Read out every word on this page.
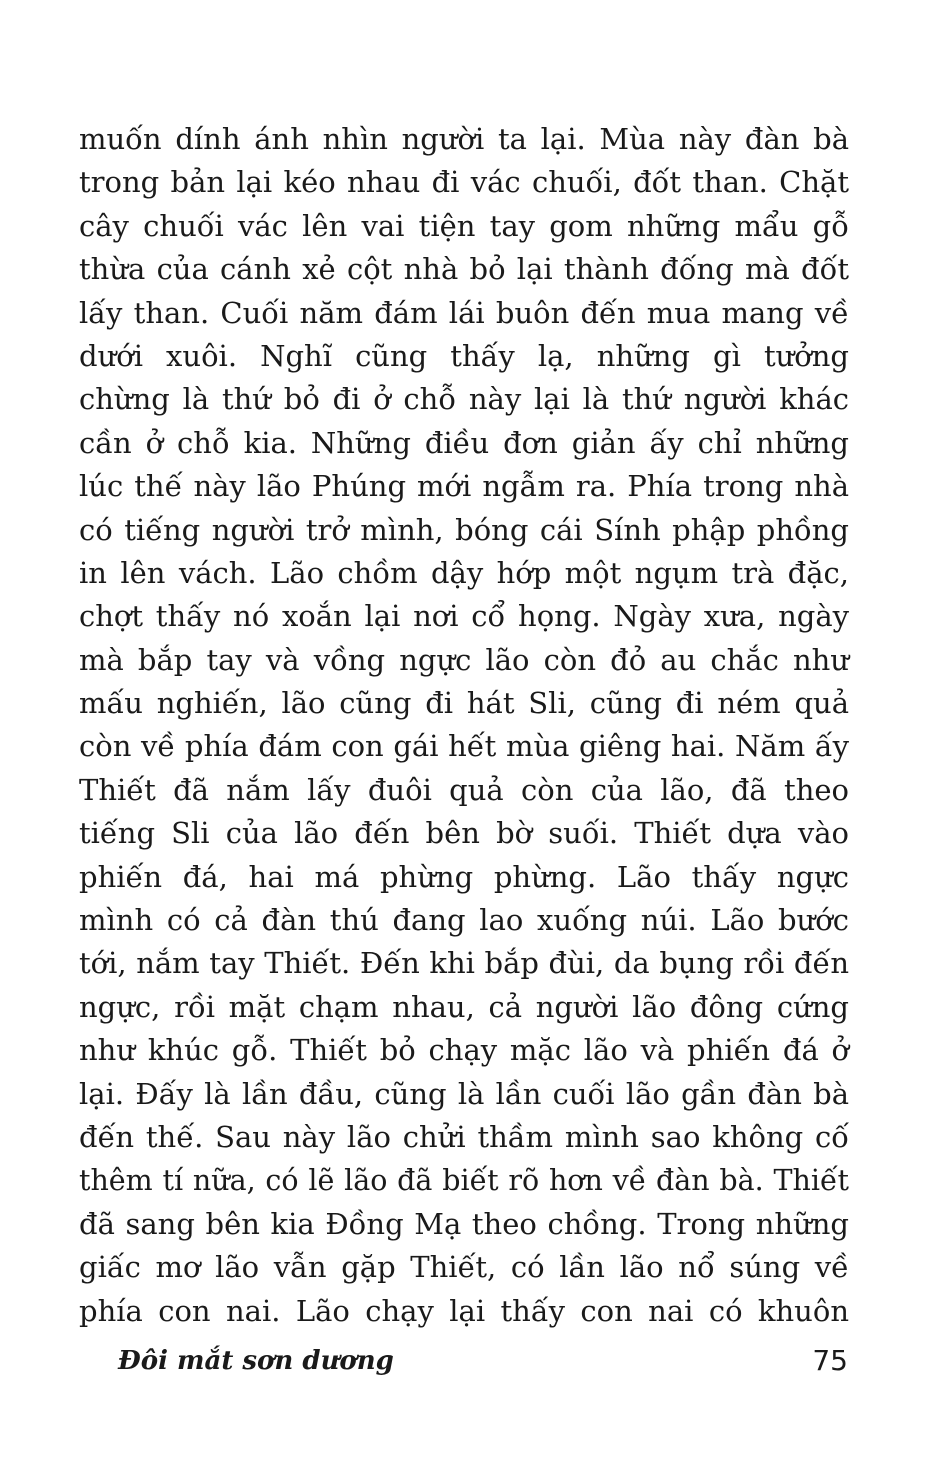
muốn dính ánh nhìn người ta lại. Mùa này đàn bà
trong bản lại kéo nhau đi vác chuối, đốt than. Chặt
cây chuối vác lên vai tiện tay gom những mẩu gỗ
thừa của cánh xẻ cột nhà bỏ lại thành đống mà đốt
lấy than. Cuối năm đám lái buôn đến mua mang về
dưới xuôi. Nghĩ cũng thấy lạ, những gì tưởng
chừng là thứ bỏ đi ở chỗ này lại là thứ người khác
cần ở chỗ kia. Những điều đơn giản ấy chỉ những
lúc thế này lão Phúng mới ngẫm ra. Phía trong nhà
có tiếng người trở mình, bóng cái Sính phập phồng
in lên vách. Lão chồm dậy hớp một ngụm trà đặc,
chợt thấy nó xoắn lại nơi cổ họng. Ngày xưa, ngày
mà bắp tay và vồng ngực lão còn đỏ au chắc như
mấu nghiến, lão cũng đi hát Sli, cũng đi ném quả
còn về phía đám con gái hết mùa giêng hai. Năm ấy
Thiết đã nắm lấy đuôi quả còn của lão, đã theo
tiếng Sli của lão đến bên bờ suối. Thiết dựa vào
phiến đá, hai má phừng phừng. Lão thấy ngực
mình có cả đàn thú đang lao xuống núi. Lão bước
tới, nắm tay Thiết. Đến khi bắp đùi, da bụng rồi đến
ngực, rồi mặt chạm nhau, cả người lão đông cứng
như khúc gỗ. Thiết bỏ chạy mặc lão và phiến đá ở
lại. Đấy là lần đầu, cũng là lần cuối lão gần đàn bà
đến thế. Sau này lão chửi thầm mình sao không cố
thêm tí nữa, có lẽ lão đã biết rõ hơn về đàn bà. Thiết
đã sang bên kia Đồng Mạ theo chồng. Trong những
giấc mơ lão vẫn gặp Thiết, có lần lão nổ súng về
phía con nai. Lão chạy lại thấy con nai có khuôn
Đôi mắt sơn dương	75
